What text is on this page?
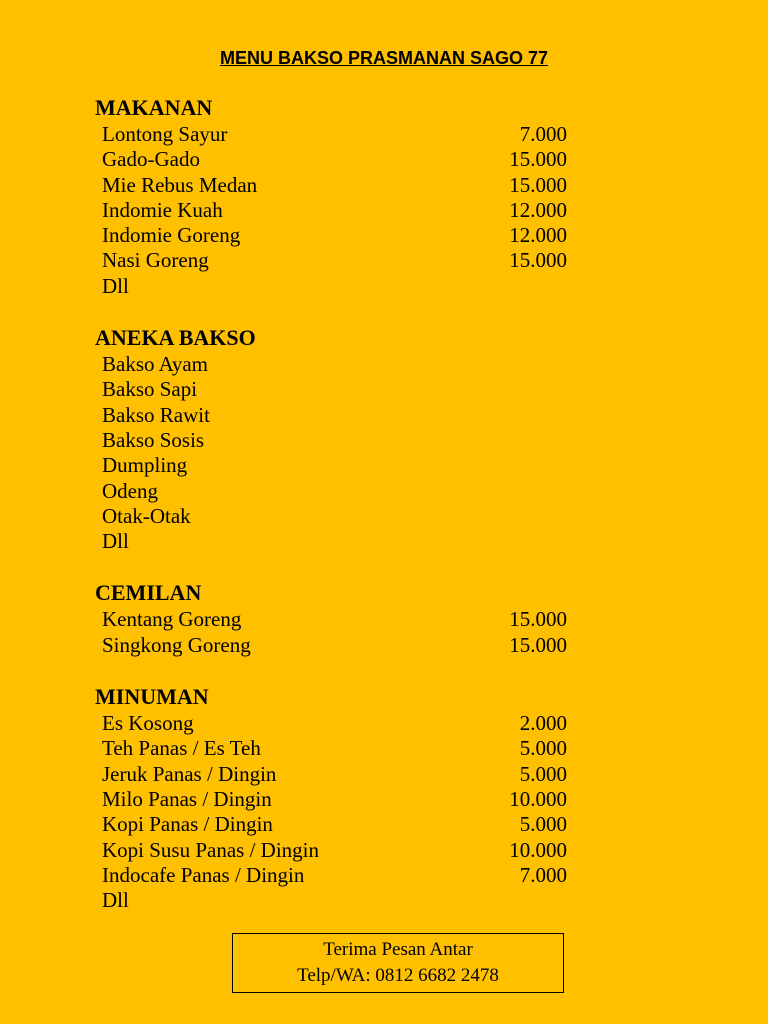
MENU BAKSO PRASMANAN SAGO 77
MAKANAN
Lontong Sayur	7.000
Gado-Gado	15.000
Mie Rebus Medan	15.000
Indomie Kuah	12.000
Indomie Goreng	12.000
Nasi Goreng	15.000
Dll
ANEKA BAKSO
Bakso Ayam
Bakso Sapi
Bakso Rawit
Bakso Sosis
Dumpling
Odeng
Otak-Otak
Dll
CEMILAN
Kentang Goreng	15.000
Singkong Goreng	15.000
MINUMAN
Es Kosong	2.000
Teh Panas / Es Teh	5.000
Jeruk Panas / Dingin	5.000
Milo Panas / Dingin	10.000
Kopi Panas / Dingin	5.000
Kopi Susu Panas / Dingin	10.000
Indocafe Panas / Dingin	7.000
Dll
Terima Pesan Antar
Telp/WA: 0812 6682 2478
